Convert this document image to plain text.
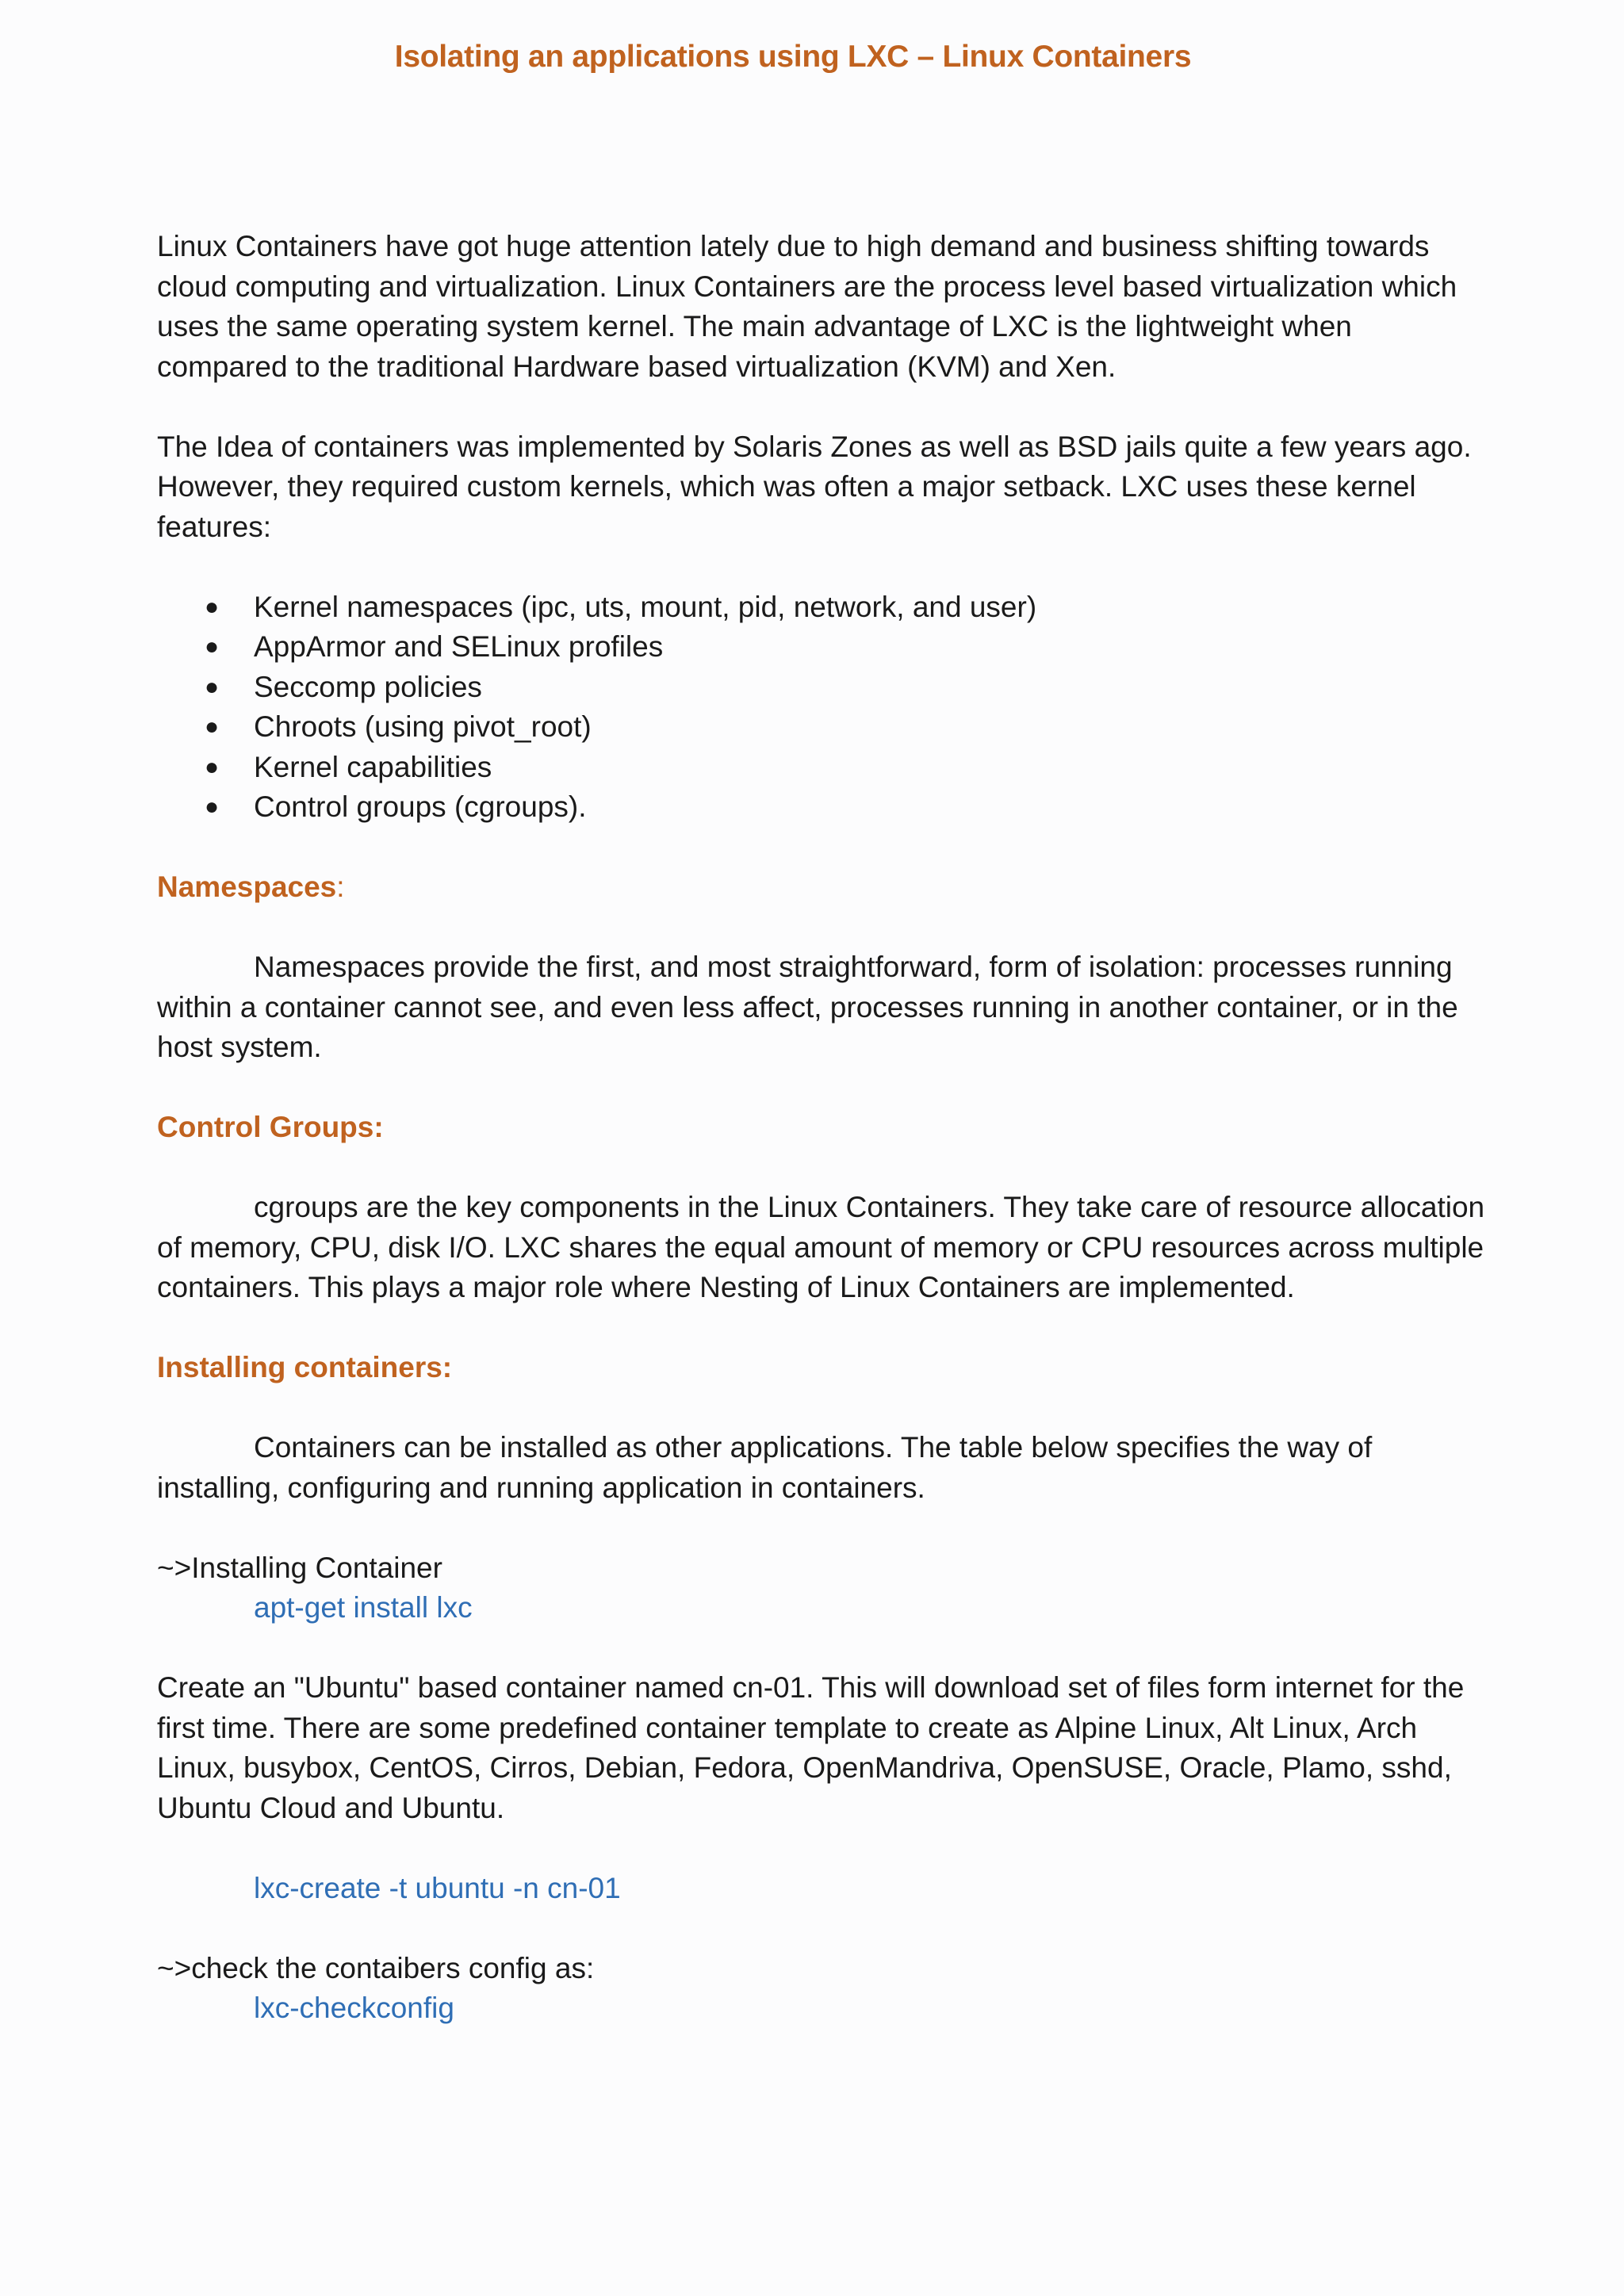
Isolating an applications using LXC – Linux Containers

Linux Containers have got huge attention lately due to high demand and business shifting towards cloud computing and virtualization. Linux Containers are the process level based virtualization which uses the same operating system kernel. The main advantage of LXC is the lightweight when compared to the traditional Hardware based virtualization (KVM) and Xen.

The Idea of containers was implemented by Solaris Zones as well as BSD jails quite a few years ago. However, they required custom kernels, which was often a major setback. LXC uses these kernel features:

● Kernel namespaces (ipc, uts, mount, pid, network, and user)
● AppArmor and SELinux profiles
● Seccomp policies
● Chroots (using pivot_root)
● Kernel capabilities
● Control groups (cgroups).

Namespaces:

Namespaces provide the first, and most straightforward, form of isolation: processes running within a container cannot see, and even less affect, processes running in another container, or in the host system.

Control Groups:

cgroups are the key components in the Linux Containers. They take care of resource allocation of memory, CPU, disk I/O. LXC shares the equal amount of memory or CPU resources across multiple containers. This plays a major role where Nesting of Linux Containers are implemented.

Installing containers:

Containers can be installed as other applications. The table below specifies the way of installing, configuring and running application in containers.

~>Installing Container

apt-get install lxc

Create an "Ubuntu" based container named cn-01. This will download set of files form internet for the first time. There are some predefined container template to create as Alpine Linux, Alt Linux, Arch Linux, busybox, CentOS, Cirros, Debian, Fedora, OpenMandriva, OpenSUSE, Oracle, Plamo, sshd, Ubuntu Cloud and Ubuntu.

lxc-create -t ubuntu -n cn-01

~>check the contaibers config as:

lxc-checkconfig
